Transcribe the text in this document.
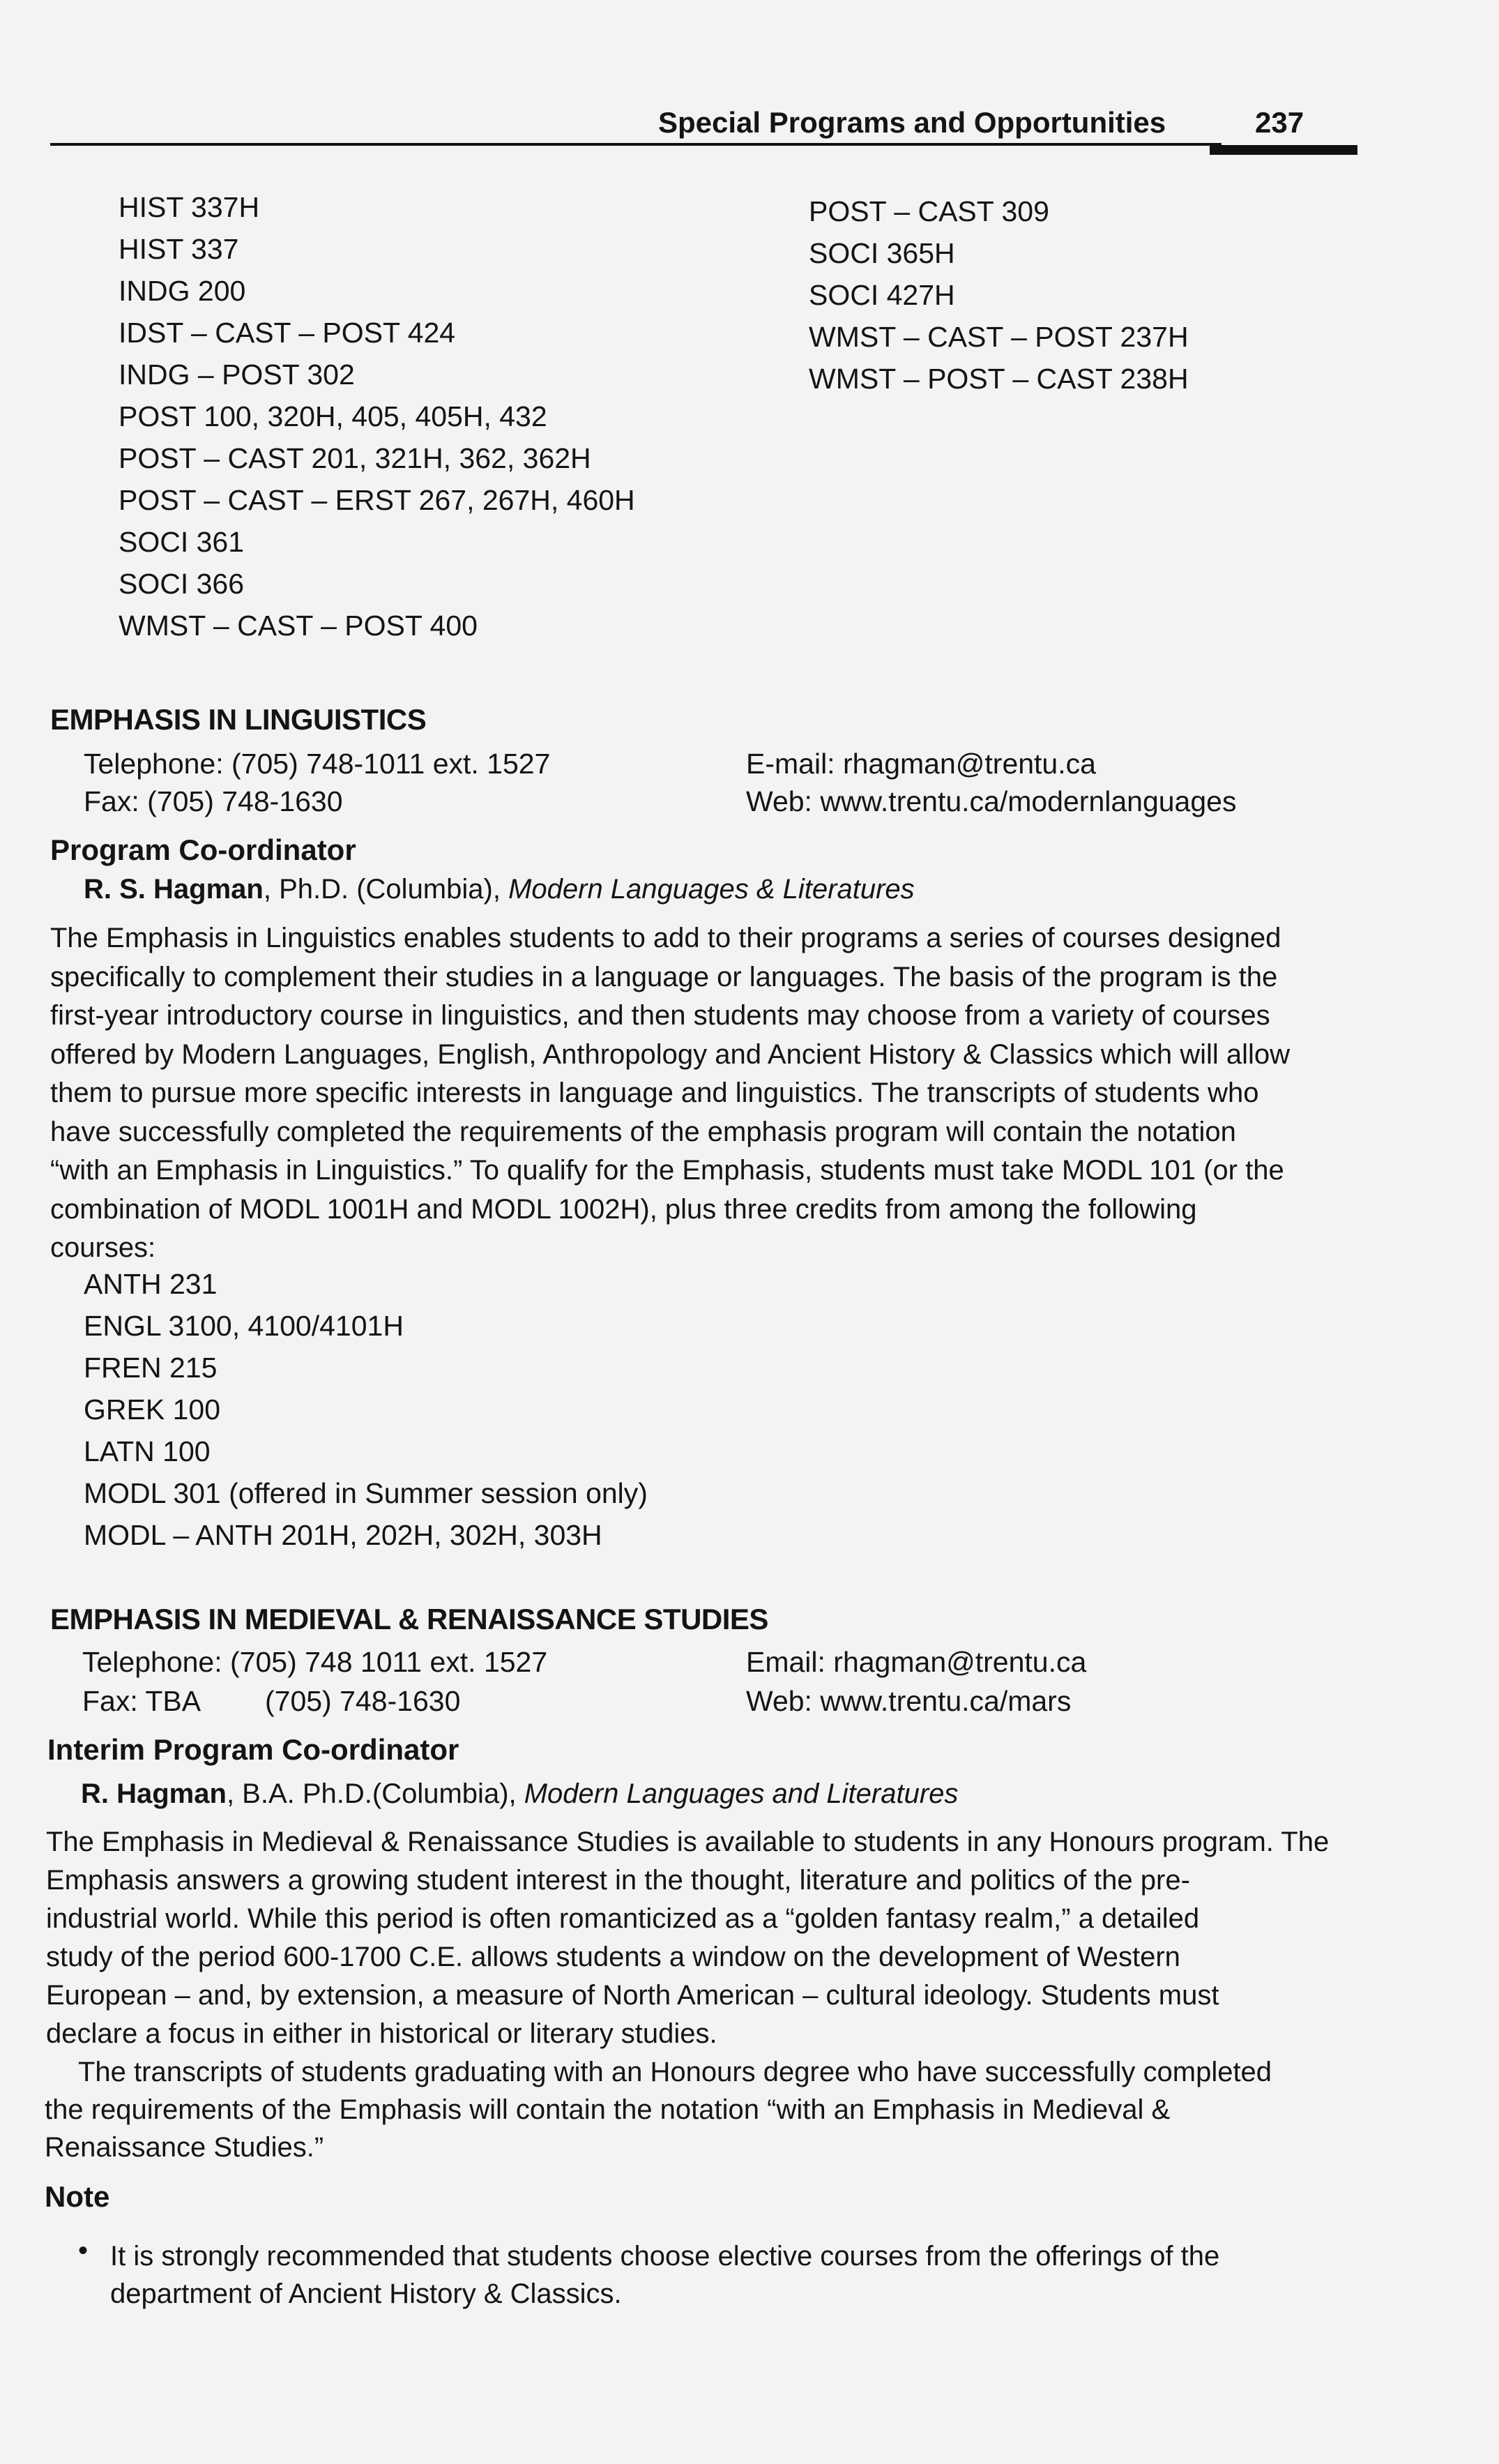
Special Programs and Opportunities	237
HIST 337H
HIST 337
INDG 200
IDST – CAST – POST 424
INDG – POST 302
POST 100, 320H, 405, 405H, 432
POST – CAST 201, 321H, 362, 362H
POST – CAST – ERST 267, 267H, 460H
SOCI 361
SOCI 366
WMST – CAST – POST 400
POST – CAST 309
SOCI 365H
SOCI 427H
WMST – CAST – POST 237H
WMST – POST – CAST 238H
EMPHASIS IN LINGUISTICS
Telephone: (705) 748-1011 ext. 1527
Fax: (705) 748-1630
E-mail: rhagman@trentu.ca
Web: www.trentu.ca/modernlanguages
Program Co-ordinator
R. S. Hagman, Ph.D. (Columbia), Modern Languages & Literatures
The Emphasis in Linguistics enables students to add to their programs a series of courses designed
specifically to complement their studies in a language or languages. The basis of the program is the
first-year introductory course in linguistics, and then students may choose from a variety of courses
offered by Modern Languages, English, Anthropology and Ancient History & Classics which will allow
them to pursue more specific interests in language and linguistics. The transcripts of students who
have successfully completed the requirements of the emphasis program will contain the notation
“with an Emphasis in Linguistics.” To qualify for the Emphasis, students must take MODL 101 (or the
combination of MODL 1001H and MODL 1002H), plus three credits from among the following
courses:
ANTH 231
ENGL 3100, 4100/4101H
FREN 215
GREK 100
LATN 100
MODL 301 (offered in Summer session only)
MODL – ANTH 201H, 202H, 302H, 303H
EMPHASIS IN MEDIEVAL & RENAISSANCE STUDIES
Telephone: (705) 748 1011 ext. 1527
Fax: TBA (705) 748-1630
Email: rhagman@trentu.ca
Web: www.trentu.ca/mars
Interim Program Co-ordinator
R. Hagman, B.A. Ph.D.(Columbia), Modern Languages and Literatures
The Emphasis in Medieval & Renaissance Studies is available to students in any Honours program. The
Emphasis answers a growing student interest in the thought, literature and politics of the pre-
industrial world. While this period is often romanticized as a “golden fantasy realm,” a detailed
study of the period 600-1700 C.E. allows students a window on the development of Western
European – and, by extension, a measure of North American – cultural ideology. Students must
declare a focus in either in historical or literary studies.
The transcripts of students graduating with an Honours degree who have successfully completed
the requirements of the Emphasis will contain the notation “with an Emphasis in Medieval &
Renaissance Studies.”
Note
• It is strongly recommended that students choose elective courses from the offerings of the
department of Ancient History & Classics.
